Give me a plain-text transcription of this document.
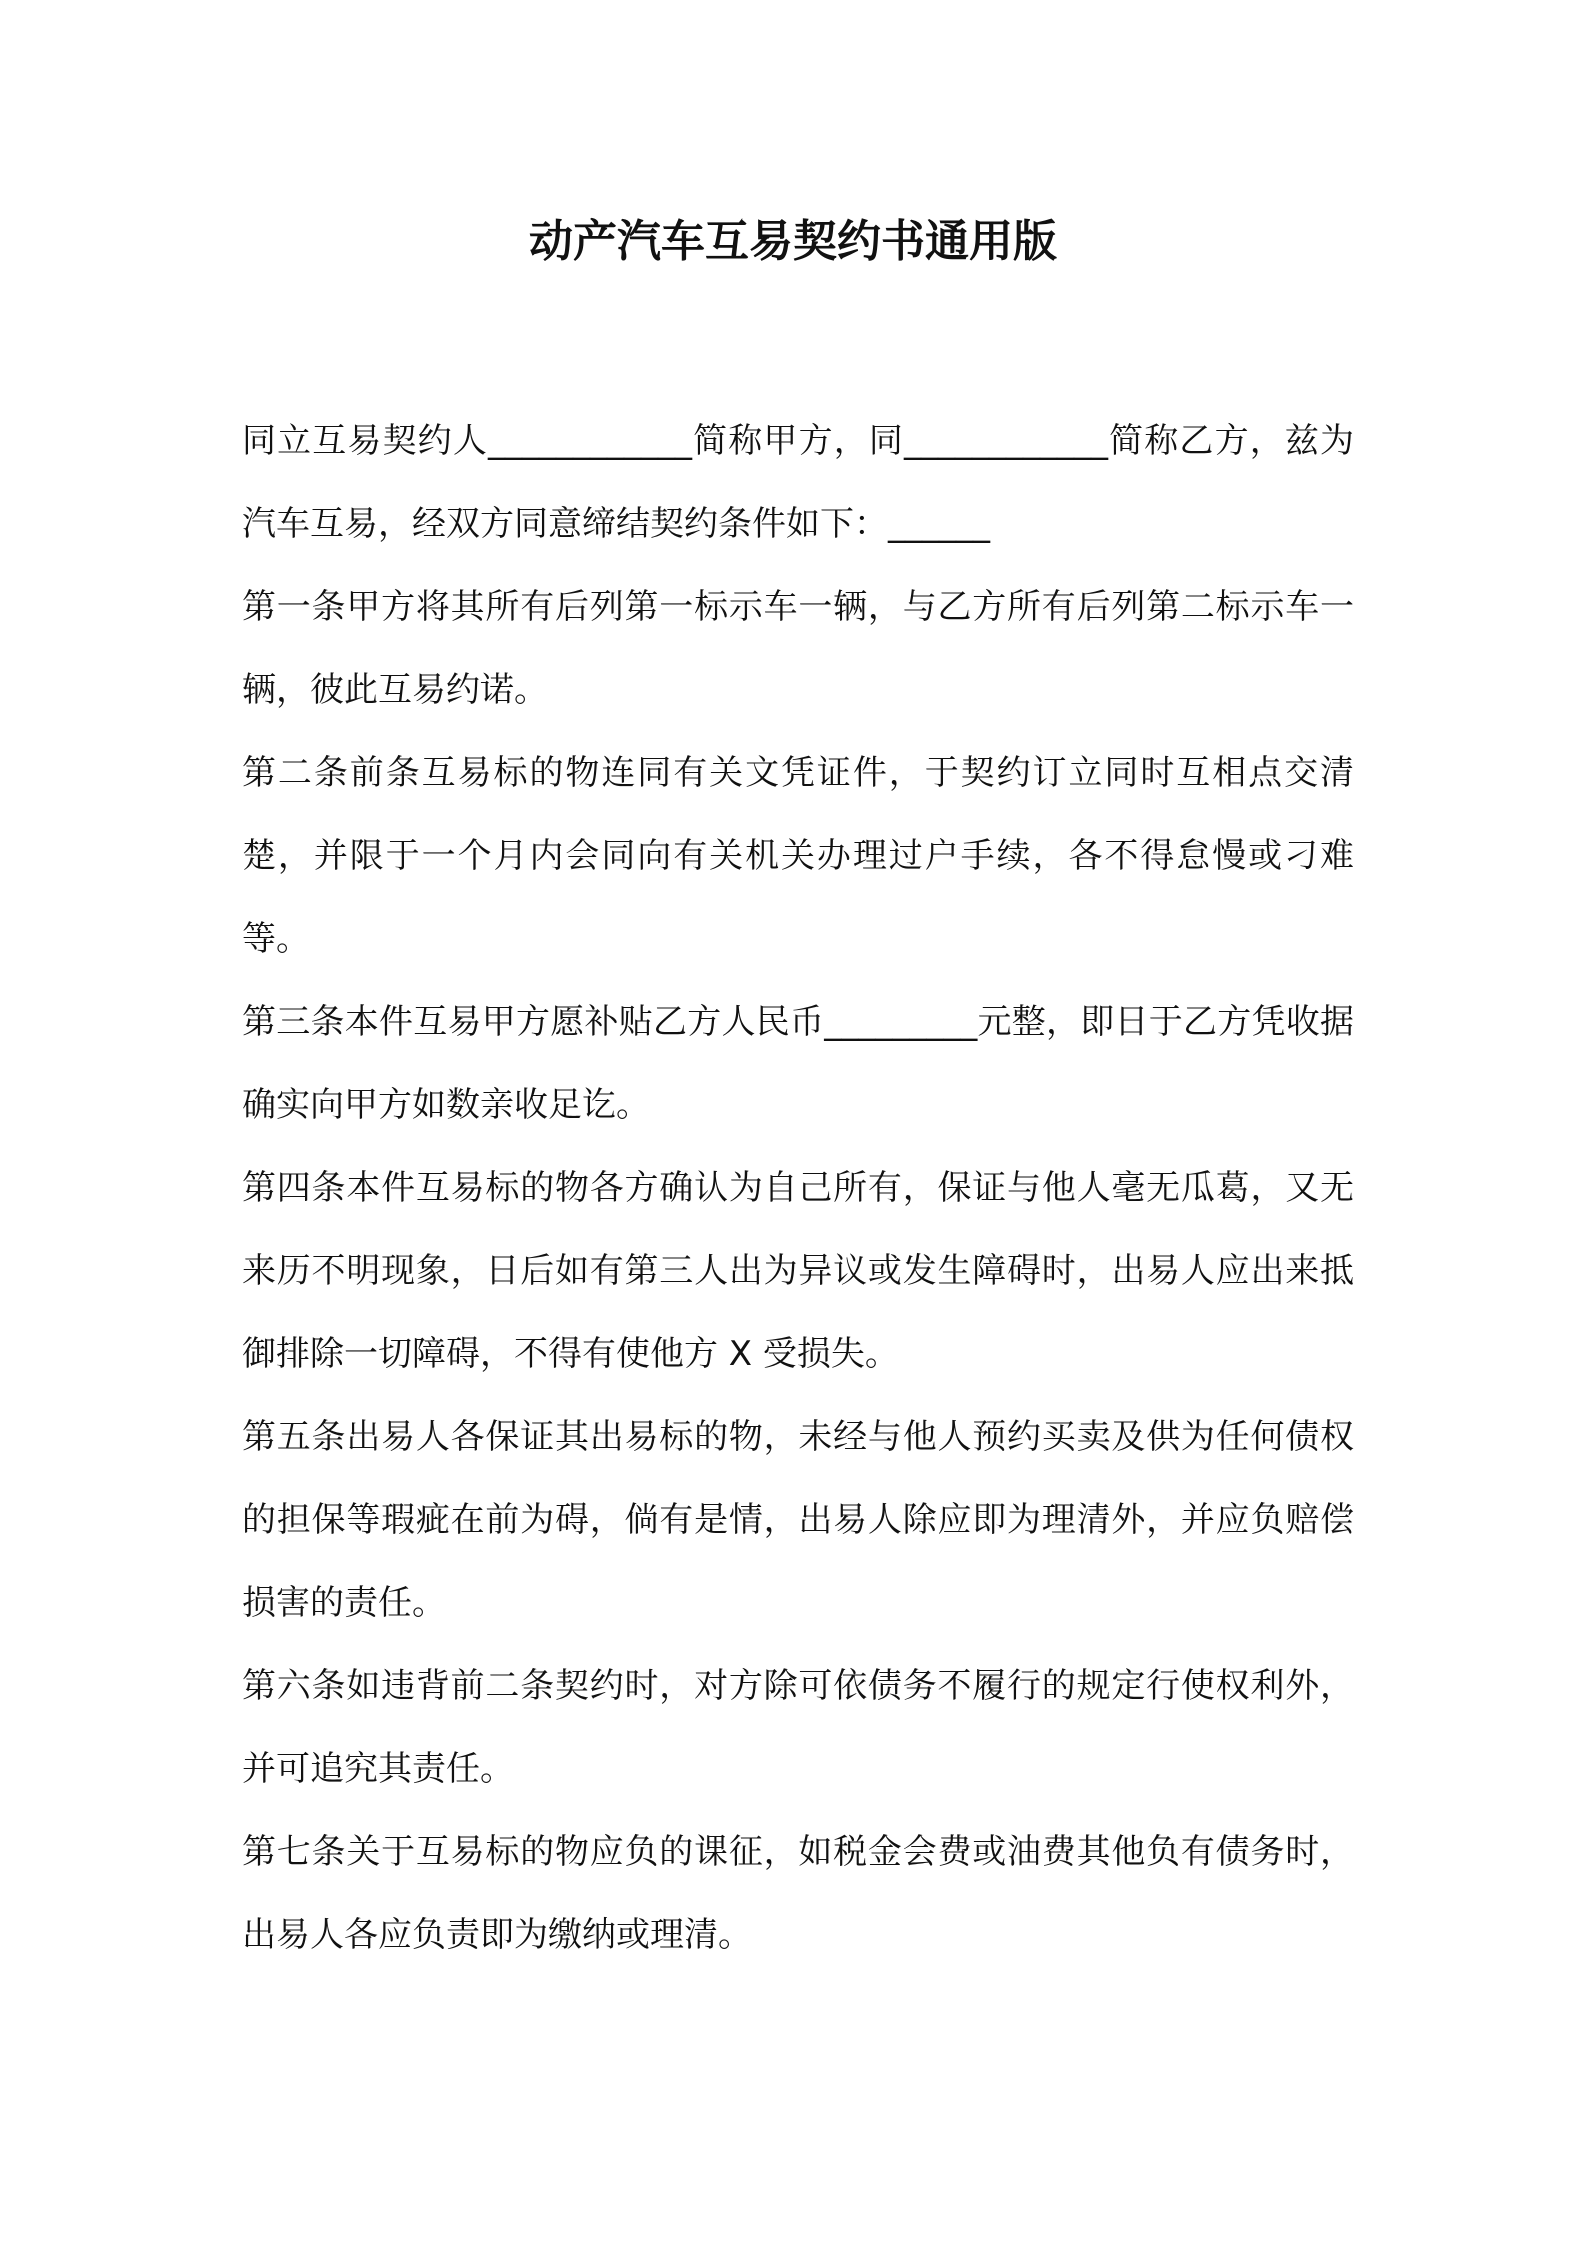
动产汽车互易契约书通用版

同立互易契约人____________简称甲方，同____________简称乙方，兹为汽车互易，经双方同意缔结契约条件如下：______

第一条甲方将其所有后列第一标示车一辆，与乙方所有后列第二标示车一辆，彼此互易约诺。

第二条前条互易标的物连同有关文凭证件，于契约订立同时互相点交清楚，并限于一个月内会同向有关机关办理过户手续，各不得怠慢或刁难等。

第三条本件互易甲方愿补贴乙方人民币_________元整，即日于乙方凭收据确实向甲方如数亲收足讫。

第四条本件互易标的物各方确认为自己所有，保证与他人毫无瓜葛，又无来历不明现象，日后如有第三人出为异议或发生障碍时，出易人应出来抵御排除一切障碍，不得有使他方 X 受损失。

第五条出易人各保证其出易标的物，未经与他人预约买卖及供为任何债权的担保等瑕疵在前为碍，倘有是情，出易人除应即为理清外，并应负赔偿损害的责任。

第六条如违背前二条契约时，对方除可依债务不履行的规定行使权利外，并可追究其责任。

第七条关于互易标的物应负的课征，如税金会费或油费其他负有债务时，出易人各应负责即为缴纳或理清。
